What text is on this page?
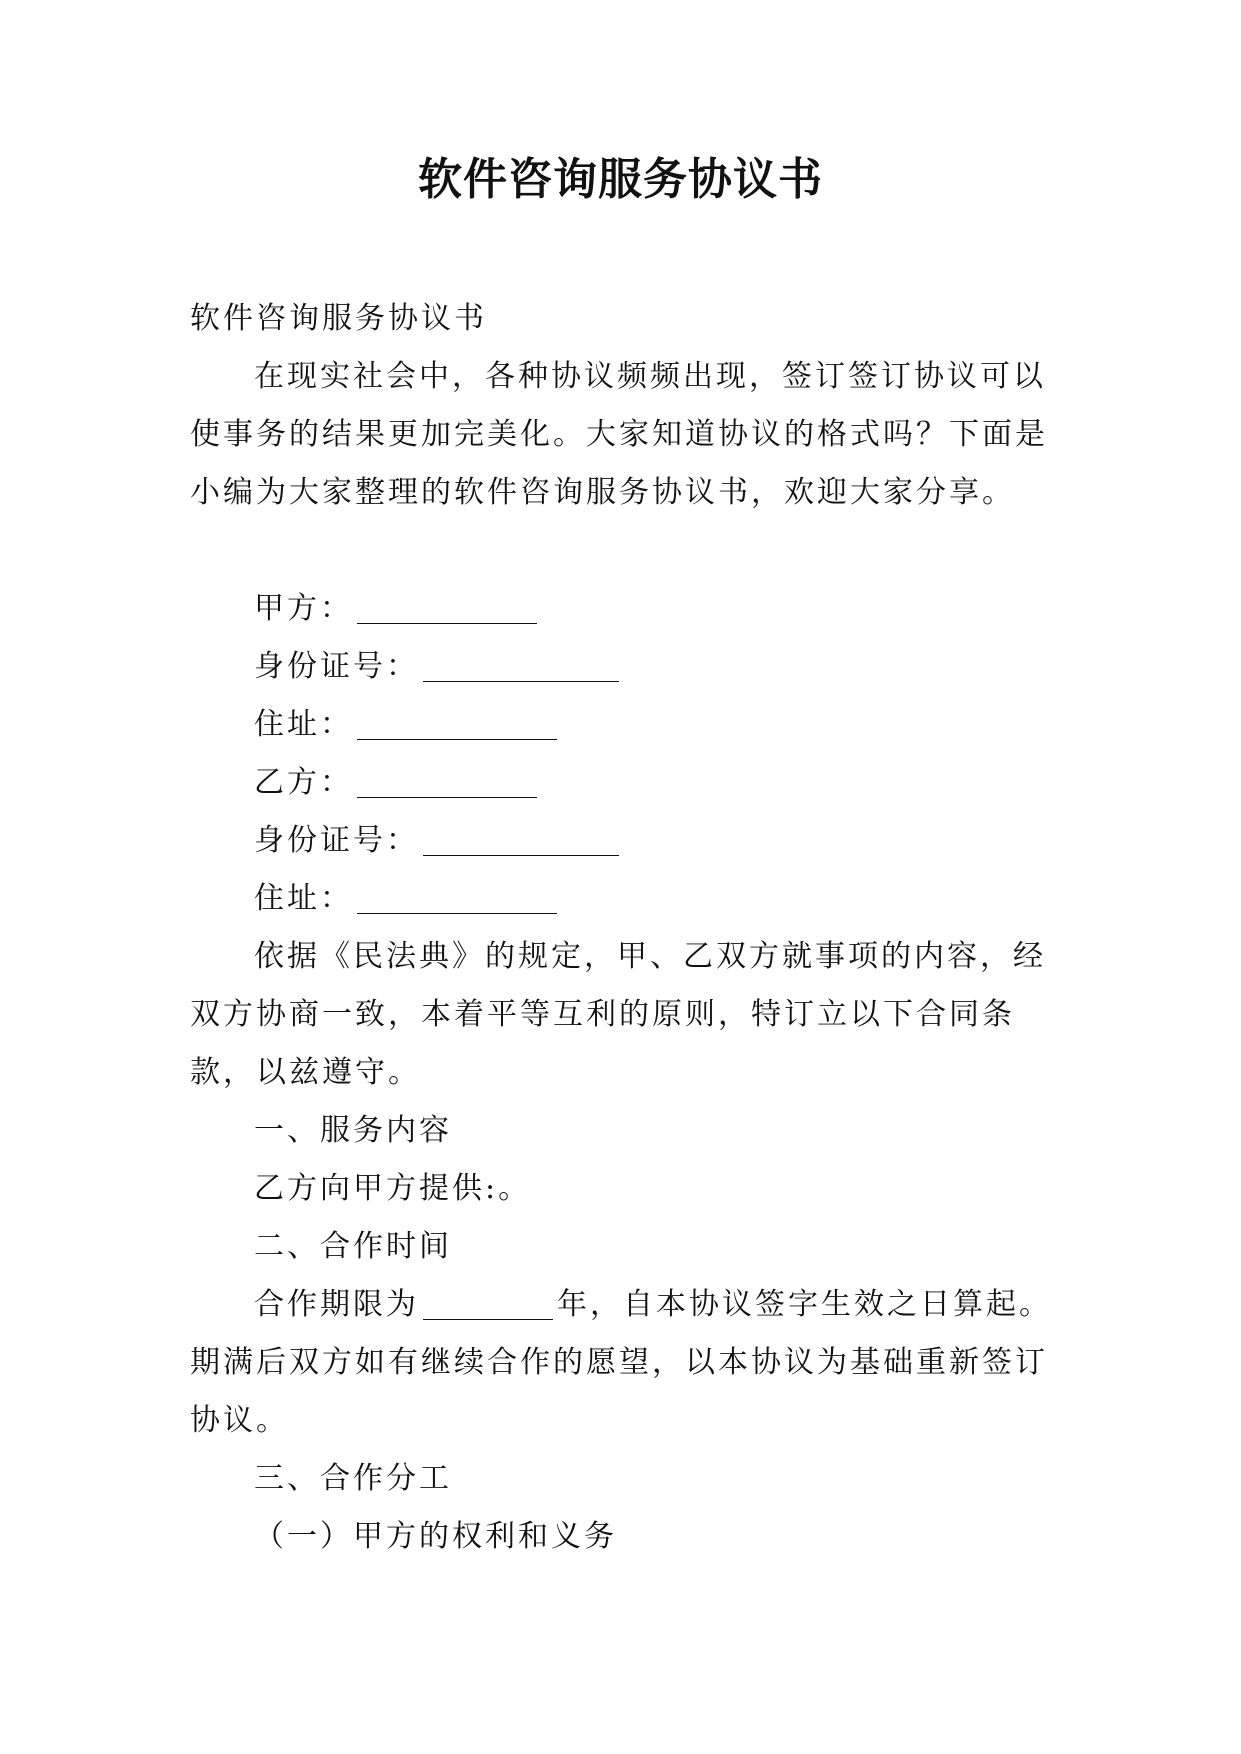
软件咨询服务协议书

软件咨询服务协议书

在现实社会中，各种协议频频出现，签订签订协议可以使事务的结果更加完美化。大家知道协议的格式吗？下面是小编为大家整理的软件咨询服务协议书，欢迎大家分享。

甲方：

身份证号：

住址：

乙方：

身份证号：

住址：

依据《民法典》的规定，甲、乙双方就事项的内容，经双方协商一致，本着平等互利的原则，特订立以下合同条款，以兹遵守。

一、服务内容

乙方向甲方提供:。

二、合作时间

合作期限为	年，自本协议签字生效之日算起。期满后双方如有继续合作的愿望，以本协议为基础重新签订协议。

三、合作分工

（一）甲方的权利和义务
